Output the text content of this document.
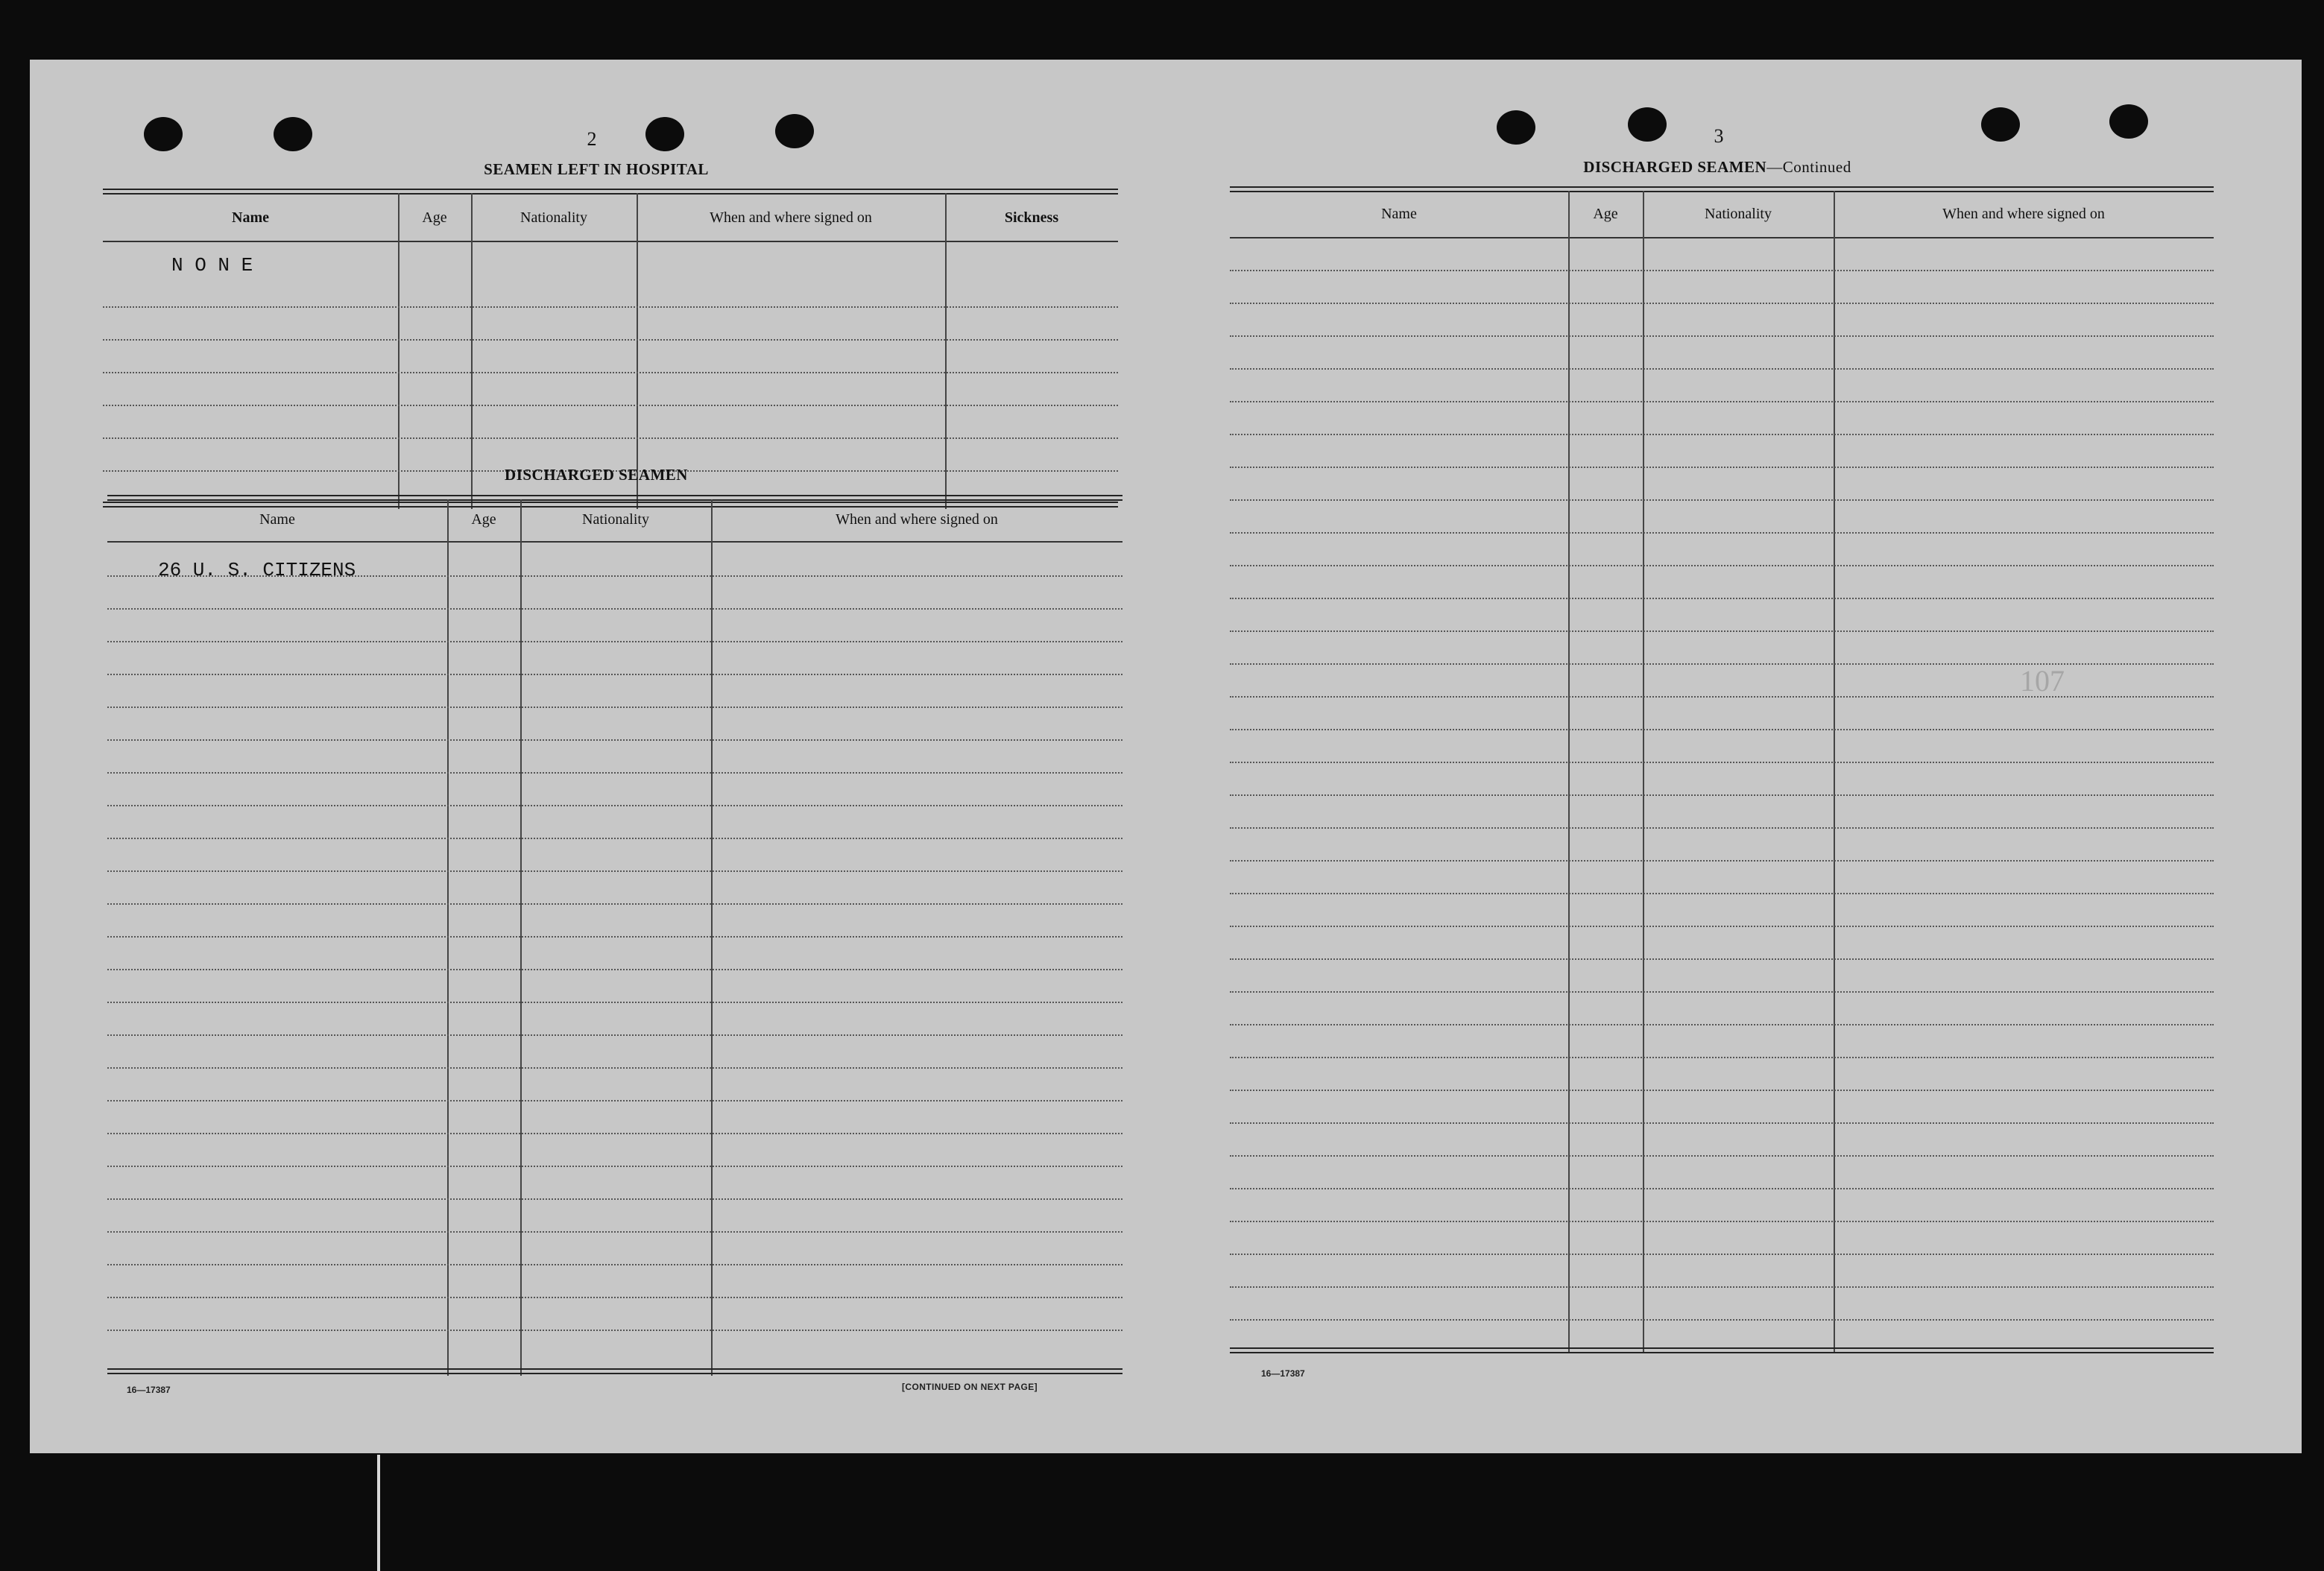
2
SEAMEN LEFT IN HOSPITAL
Name	Age	Nationality	When and where signed on	Sickness
N O N E
DISCHARGED SEAMEN
Name	Age	Nationality	When and where signed on
26 U. S. CITIZENS
16—17387	[CONTINUED ON NEXT PAGE]
3
DISCHARGED SEAMEN—Continued
Name	Age	Nationality	When and where signed on
107
16—17387
